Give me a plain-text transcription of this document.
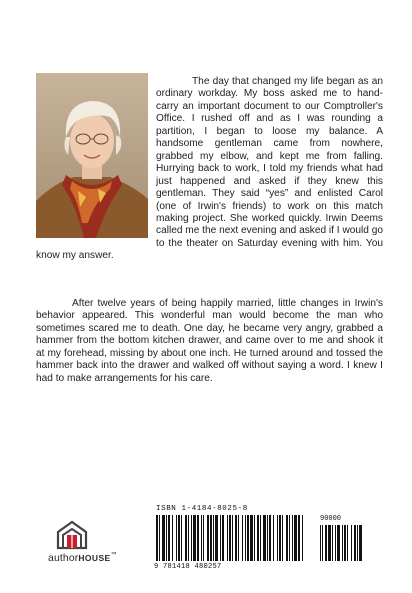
The day that changed my life began as an ordinary workday. My boss asked me to hand-carry an important document to our Comptroller's Office. I rushed off and as I was rounding a partition, I began to loose my balance. A handsome gentleman came from nowhere, grabbed my elbow, and kept me from falling. Hurrying back to work, I told my friends what had just happened and asked if they knew this gentleman. They said “yes” and enlisted Carol (one of Irwin's friends) to work on this match making project. She worked quickly. Irwin Deems called me the next evening and asked if I would go to the theater on Saturday evening with him. You know my answer.
After twelve years of being happily married, little changes in Irwin's behavior appeared. This wonderful man would become the man who sometimes scared me to death. One day, he became very angry, grabbed a hammer from the bottom kitchen drawer, and came over to me and shook it at my forehead, missing by about one inch. He turned around and tossed the hammer back into the drawer and walked off without saying a word. I knew I had to make arrangements for his care.
authorHOUSE™
ISBN 1-4184-8025-8
90000
9 781418 480257
